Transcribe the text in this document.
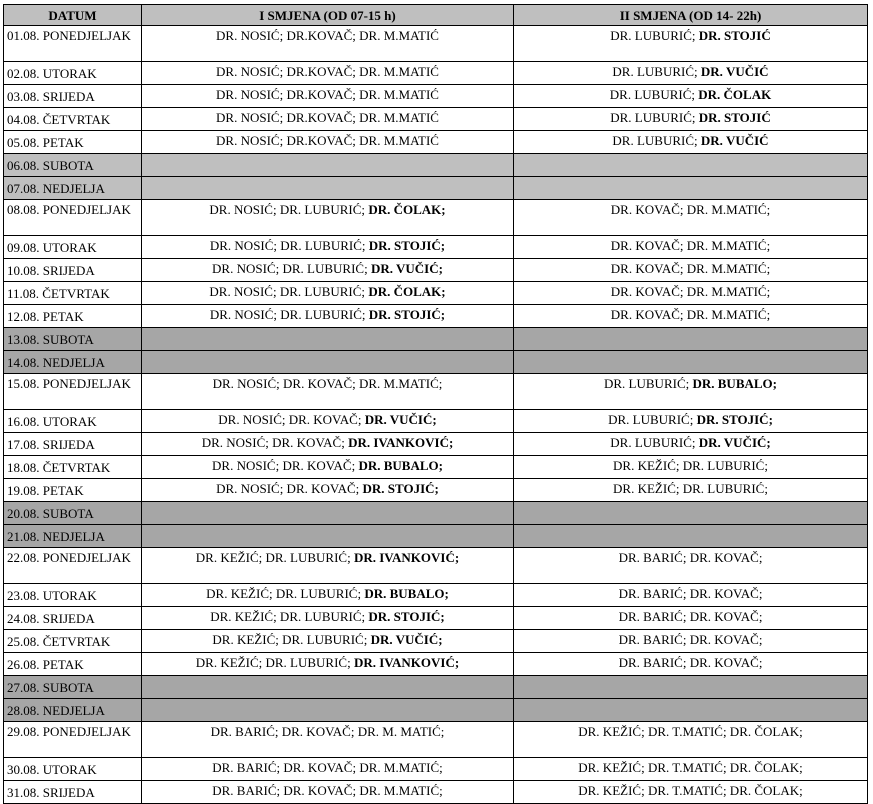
DATUM	I SMJENA (OD 07-15 h)	II SMJENA (OD 14- 22h)
01.08. PONEDJELJAK	DR. NOSIĆ; DR.KOVAČ; DR. M.MATIĆ	DR. LUBURIĆ; DR. STOJIĆ
02.08. UTORAK	DR. NOSIĆ; DR.KOVAČ; DR. M.MATIĆ	DR. LUBURIĆ; DR. VUČIĆ
03.08. SRIJEDA	DR. NOSIĆ; DR.KOVAČ; DR. M.MATIĆ	DR. LUBURIĆ; DR. ČOLAK
04.08. ČETVRTAK	DR. NOSIĆ; DR.KOVAČ; DR. M.MATIĆ	DR. LUBURIĆ; DR. STOJIĆ
05.08. PETAK	DR. NOSIĆ; DR.KOVAČ; DR. M.MATIĆ	DR. LUBURIĆ; DR. VUČIĆ
06.08. SUBOTA		
07.08. NEDJELJA		
08.08. PONEDJELJAK	DR. NOSIĆ; DR. LUBURIĆ; DR. ČOLAK;	DR. KOVAČ; DR. M.MATIĆ;
09.08. UTORAK	DR. NOSIĆ; DR. LUBURIĆ; DR. STOJIĆ;	DR. KOVAČ; DR. M.MATIĆ;
10.08. SRIJEDA	DR. NOSIĆ; DR. LUBURIĆ; DR. VUČIĆ;	DR. KOVAČ; DR. M.MATIĆ;
11.08. ČETVRTAK	DR. NOSIĆ; DR. LUBURIĆ; DR. ČOLAK;	DR. KOVAČ; DR. M.MATIĆ;
12.08. PETAK	DR. NOSIĆ; DR. LUBURIĆ; DR. STOJIĆ;	DR. KOVAČ; DR. M.MATIĆ;
13.08. SUBOTA		
14.08. NEDJELJA		
15.08. PONEDJELJAK	DR. NOSIĆ; DR. KOVAČ; DR. M.MATIĆ;	DR. LUBURIĆ; DR. BUBALO;
16.08. UTORAK	DR. NOSIĆ; DR. KOVAČ; DR. VUČIĆ;	DR. LUBURIĆ; DR. STOJIĆ;
17.08. SRIJEDA	DR. NOSIĆ; DR. KOVAČ; DR. IVANKOVIĆ;	DR. LUBURIĆ; DR. VUČIĆ;
18.08. ČETVRTAK	DR. NOSIĆ; DR. KOVAČ; DR. BUBALO;	DR. KEŽIĆ; DR. LUBURIĆ;
19.08. PETAK	DR. NOSIĆ; DR. KOVAČ; DR. STOJIĆ;	DR. KEŽIĆ; DR. LUBURIĆ;
20.08. SUBOTA		
21.08. NEDJELJA		
22.08. PONEDJELJAK	DR. KEŽIĆ; DR. LUBURIĆ; DR. IVANKOVIĆ;	DR. BARIĆ; DR. KOVAČ;
23.08. UTORAK	DR. KEŽIĆ; DR. LUBURIĆ; DR. BUBALO;	DR. BARIĆ; DR. KOVAČ;
24.08. SRIJEDA	DR. KEŽIĆ; DR. LUBURIĆ; DR. STOJIĆ;	DR. BARIĆ; DR. KOVAČ;
25.08. ČETVRTAK	DR. KEŽIĆ; DR. LUBURIĆ; DR. VUČIĆ;	DR. BARIĆ; DR. KOVAČ;
26.08. PETAK	DR. KEŽIĆ; DR. LUBURIĆ; DR. IVANKOVIĆ;	DR. BARIĆ; DR. KOVAČ;
27.08. SUBOTA		
28.08. NEDJELJA		
29.08. PONEDJELJAK	DR. BARIĆ; DR. KOVAČ; DR. M. MATIĆ;	DR. KEŽIĆ; DR. T.MATIĆ; DR. ČOLAK;
30.08. UTORAK	DR. BARIĆ; DR. KOVAČ; DR. M.MATIĆ;	DR. KEŽIĆ; DR. T.MATIĆ; DR. ČOLAK;
31.08. SRIJEDA	DR. BARIĆ; DR. KOVAČ; DR. M.MATIĆ;	DR. KEŽIĆ; DR. T.MATIĆ; DR. ČOLAK;
